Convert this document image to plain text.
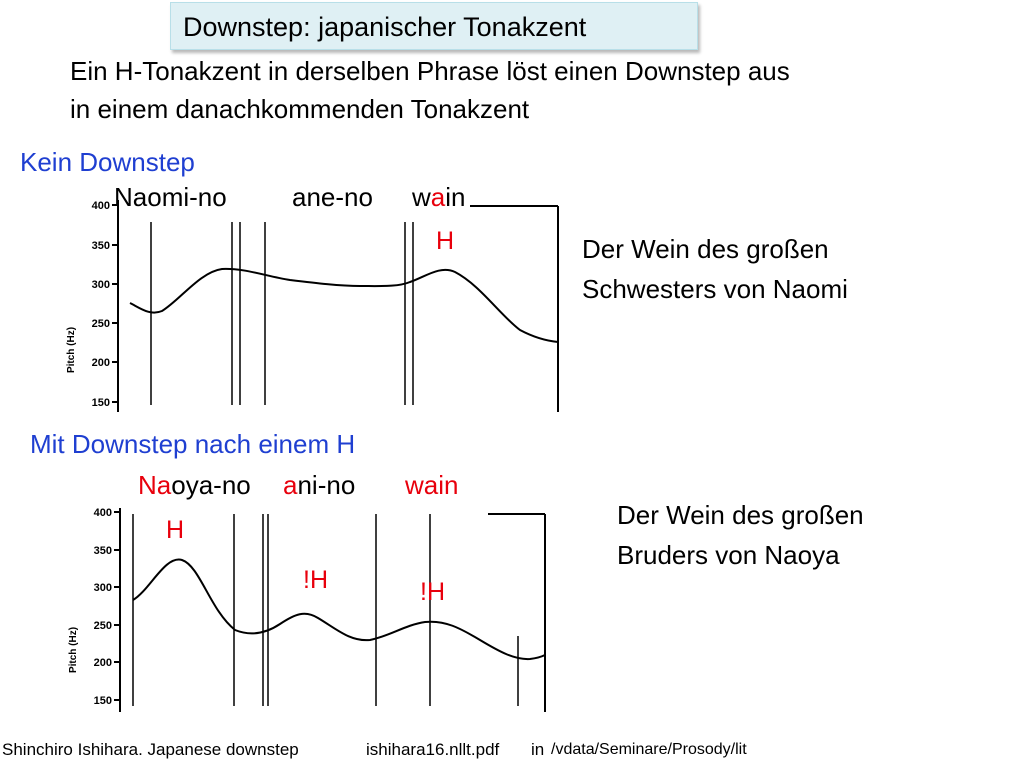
Downstep: japanischer Tonakzent
Ein H-Tonakzent in derselben Phrase löst einen Downstep aus
in einem danachkommenden Tonakzent
Kein Downstep
400
350
300
250
200
150
Pitch (Hz)
400
350
300
250
200
150
Pitch (Hz)
Naomi-no	ane-no wain
H	Der Wein des großen
Schwesters von Naomi
Mit Downstep nach einem H
Naoya-no ani-no wain
H
!H	!H
Der Wein des großen
Bruders von Naoya
Shinchiro Ishihara. Japanese downstep	ishihara16.nllt.pdf in /vdata/Seminare/Prosody/lit
